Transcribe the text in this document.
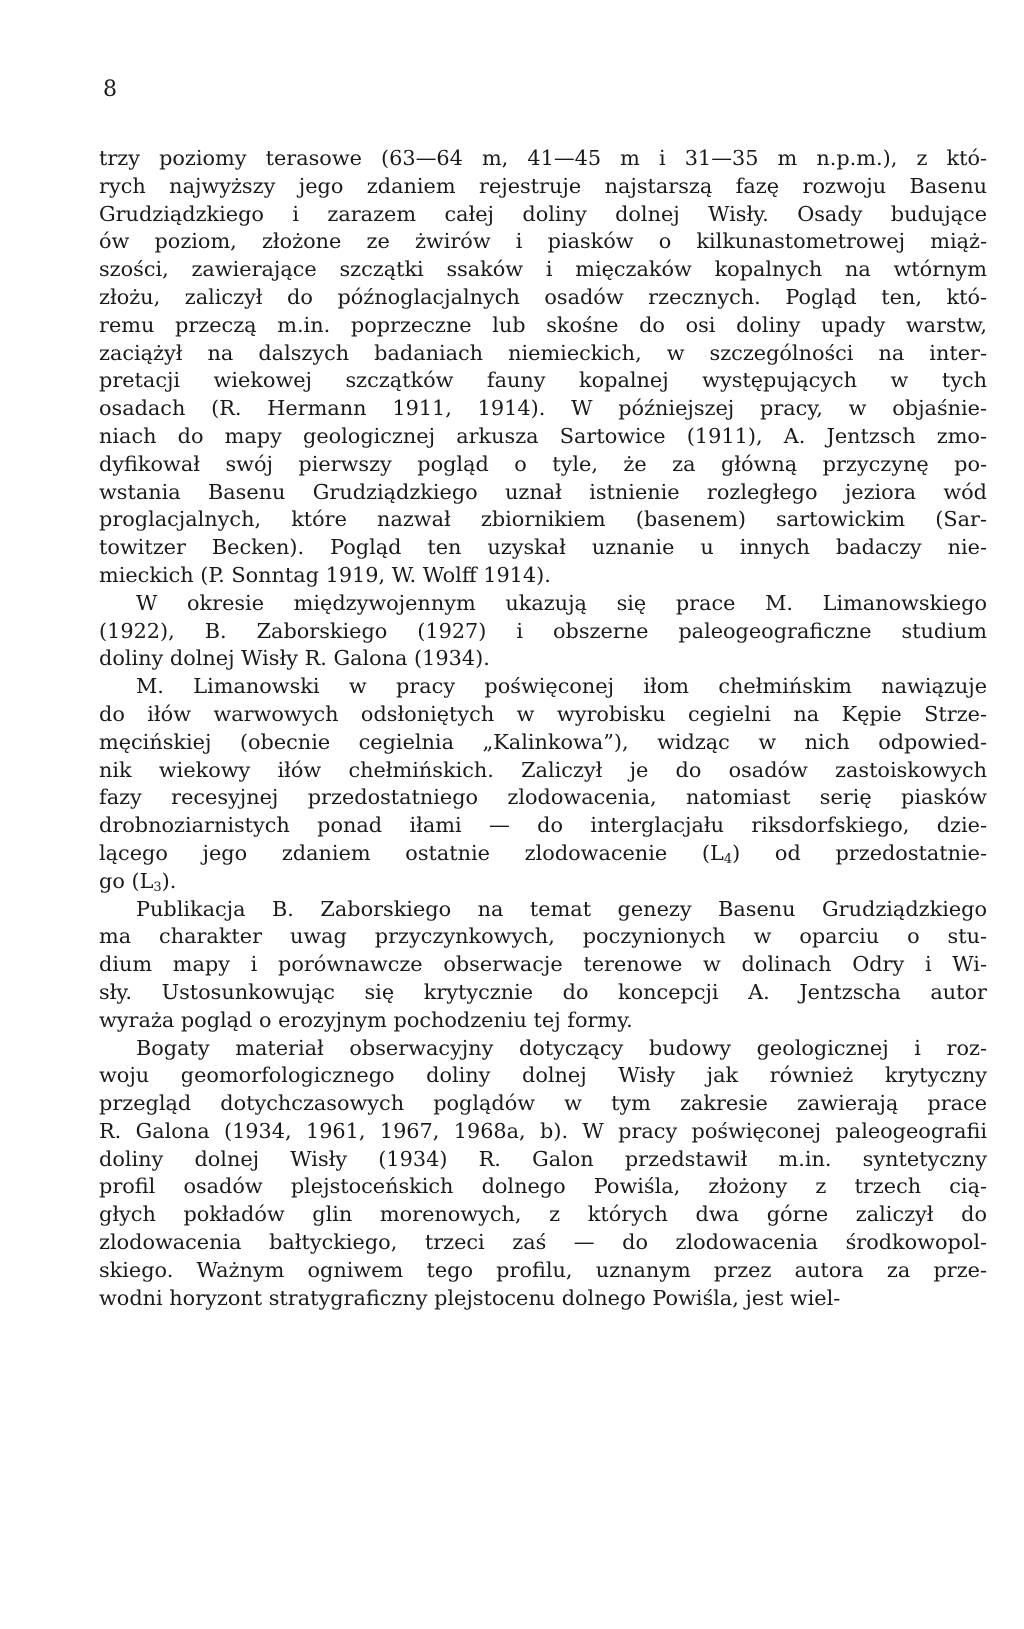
8
trzy poziomy terasowe (63—64 m, 41—45 m i 31—35 m n.p.m.), z któ-
rych najwyższy jego zdaniem rejestruje najstarszą fazę rozwoju Basenu
Grudziądzkiego i zarazem całej doliny dolnej Wisły. Osady budujące
ów poziom, złożone ze żwirów i piasków o kilkunastometrowej miąż-
szości, zawierające szczątki ssaków i mięczaków kopalnych na wtórnym
złożu, zaliczył do późnoglacjalnych osadów rzecznych. Pogląd ten, któ-
remu przeczą m.in. poprzeczne lub skośne do osi doliny upady warstw,
zaciążył na dalszych badaniach niemieckich, w szczególności na inter-
pretacji wiekowej szczątków fauny kopalnej występujących w tych
osadach (R. Hermann 1911, 1914). W późniejszej pracy, w objaśnie-
niach do mapy geologicznej arkusza Sartowice (1911), A. Jentzsch zmo-
dyfikował swój pierwszy pogląd o tyle, że za główną przyczynę po-
wstania Basenu Grudziądzkiego uznał istnienie rozległego jeziora wód
proglacjalnych, które nazwał zbiornikiem (basenem) sartowickim (Sar-
towitzer Becken). Pogląd ten uzyskał uznanie u innych badaczy nie-
mieckich (P. Sonntag 1919, W. Wolff 1914).
W okresie międzywojennym ukazują się prace M. Limanowskiego
(1922), B. Zaborskiego (1927) i obszerne paleogeograficzne studium
doliny dolnej Wisły R. Galona (1934).
M. Limanowski w pracy poświęconej iłom chełmińskim nawiązuje
do iłów warwowych odsłoniętych w wyrobisku cegielni na Kępie Strze-
męcińskiej (obecnie cegielnia „Kalinkowa”), widząc w nich odpowied-
nik wiekowy iłów chełmińskich. Zaliczył je do osadów zastoiskowych
fazy recesyjnej przedostatniego zlodowacenia, natomiast serię piasków
drobnoziarnistych ponad iłami — do interglacjału riksdorfskiego, dzie-
lącego jego zdaniem ostatnie zlodowacenie $(L_4)$ od przedostatnie-
go $(L_3)$.
Publikacja B. Zaborskiego na temat genezy Basenu Grudziądzkiego
ma charakter uwag przyczynkowych, poczynionych w oparciu o stu-
dium mapy i porównawcze obserwacje terenowe w dolinach Odry i Wi-
sły. Ustosunkowując się krytycznie do koncepcji A. Jentzscha autor
wyraża pogląd o erozyjnym pochodzeniu tej formy.
Bogaty materiał obserwacyjny dotyczący budowy geologicznej i roz-
woju geomorfologicznego doliny dolnej Wisły jak również krytyczny
przegląd dotychczasowych poglądów w tym zakresie zawierają prace
R. Galona (1934, 1961, 1967, 1968a, b). W pracy poświęconej paleogeografii
doliny dolnej Wisły (1934) R. Galon przedstawił m.in. syntetyczny
profil osadów plejstoceńskich dolnego Powiśla, złożony z trzech cią-
głych pokładów glin morenowych, z których dwa górne zaliczył do
zlodowacenia bałtyckiego, trzeci zaś — do zlodowacenia środkowopol-
skiego. Ważnym ogniwem tego profilu, uznanym przez autora za prze-
wodni horyzont stratygraficzny plejstocenu dolnego Powiśla, jest wiel-
